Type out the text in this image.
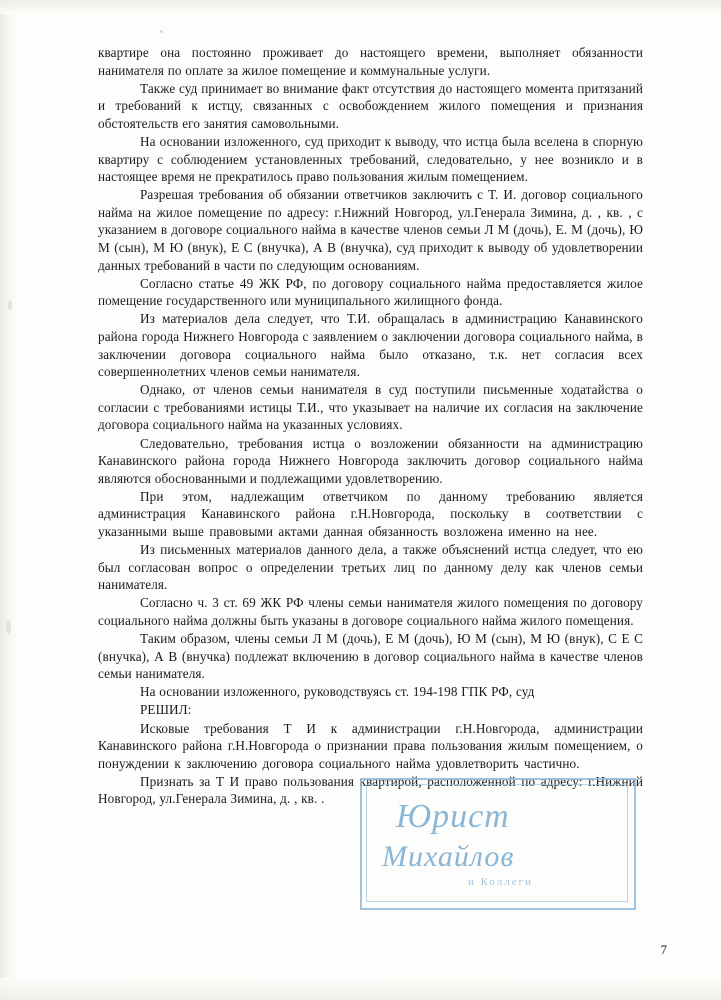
квартире она постоянно проживает до настоящего времени, выполняет обязанности нанимателя по оплате за жилое помещение и коммунальные услуги.

Также суд принимает во внимание факт отсутствия до настоящего момента притязаний и требований к истцу, связанных с освобождением жилого помещения и признания обстоятельств его занятия самовольными.

На основании изложенного, суд приходит к выводу, что истца была вселена в спорную квартиру с соблюдением установленных требований, следовательно, у нее возникло и в настоящее время не прекратилось право пользования жилым помещением.

Разрешая требования об обязании ответчиков заключить с Т. И. договор социального найма на жилое помещение по адресу: г.Нижний Новгород, ул.Генерала Зимина, д. , кв. , с указанием в договоре социального найма в качестве членов семьи Л М (дочь), Е. М (дочь), Ю М (сын), М Ю (внук), Е С (внучка), А В (внучка), суд приходит к выводу об удовлетворении данных требований в части по следующим основаниям.

Согласно статье 49 ЖК РФ, по договору социального найма предоставляется жилое помещение государственного или муниципального жилищного фонда.

Из материалов дела следует, что Т.И. обращалась в администрацию Канавинского района города Нижнего Новгорода с заявлением о заключении договора социального найма, в заключении договора социального найма было отказано, т.к. нет согласия всех совершеннолетних членов семьи нанимателя.

Однако, от членов семьи нанимателя в суд поступили письменные ходатайства о согласии с требованиями истицы Т.И., что указывает на наличие их согласия на заключение договора социального найма на указанных условиях.

Следовательно, требования истца о возложении обязанности на администрацию Канавинского района города Нижнего Новгорода заключить договор социального найма являются обоснованными и подлежащими удовлетворению.

При этом, надлежащим ответчиком по данному требованию является администрация Канавинского района г.Н.Новгорода, поскольку в соответствии с указанными выше правовыми актами данная обязанность возложена именно на нее.

Из письменных материалов данного дела, а также объяснений истца следует, что ею был согласован вопрос о определении третьих лиц по данному делу как членов семьи нанимателя.

Согласно ч. 3 ст. 69 ЖК РФ члены семьи нанимателя жилого помещения по договору социального найма должны быть указаны в договоре социального найма жилого помещения.

Таким образом, члены семьи Л М (дочь), Е М (дочь), Ю М (сын), М Ю (внук), С Е С (внучка), А В (внучка) подлежат включению в договор социального найма в качестве членов семьи нанимателя.

На основании изложенного, руководствуясь ст. 194-198 ГПК РФ, суд

РЕШИЛ:

Исковые требования Т И к администрации г.Н.Новгорода, администрации Канавинского района г.Н.Новгорода о признании права пользования жилым помещением, о понуждении к заключению договора социального найма удовлетворить частично.

Признать за Т И право пользования квартирой, расположенной по адресу: г.Нижний Новгород, ул.Генерала Зимина, д. , кв. .	Юрист
Михайлов
и Коллеги
7
